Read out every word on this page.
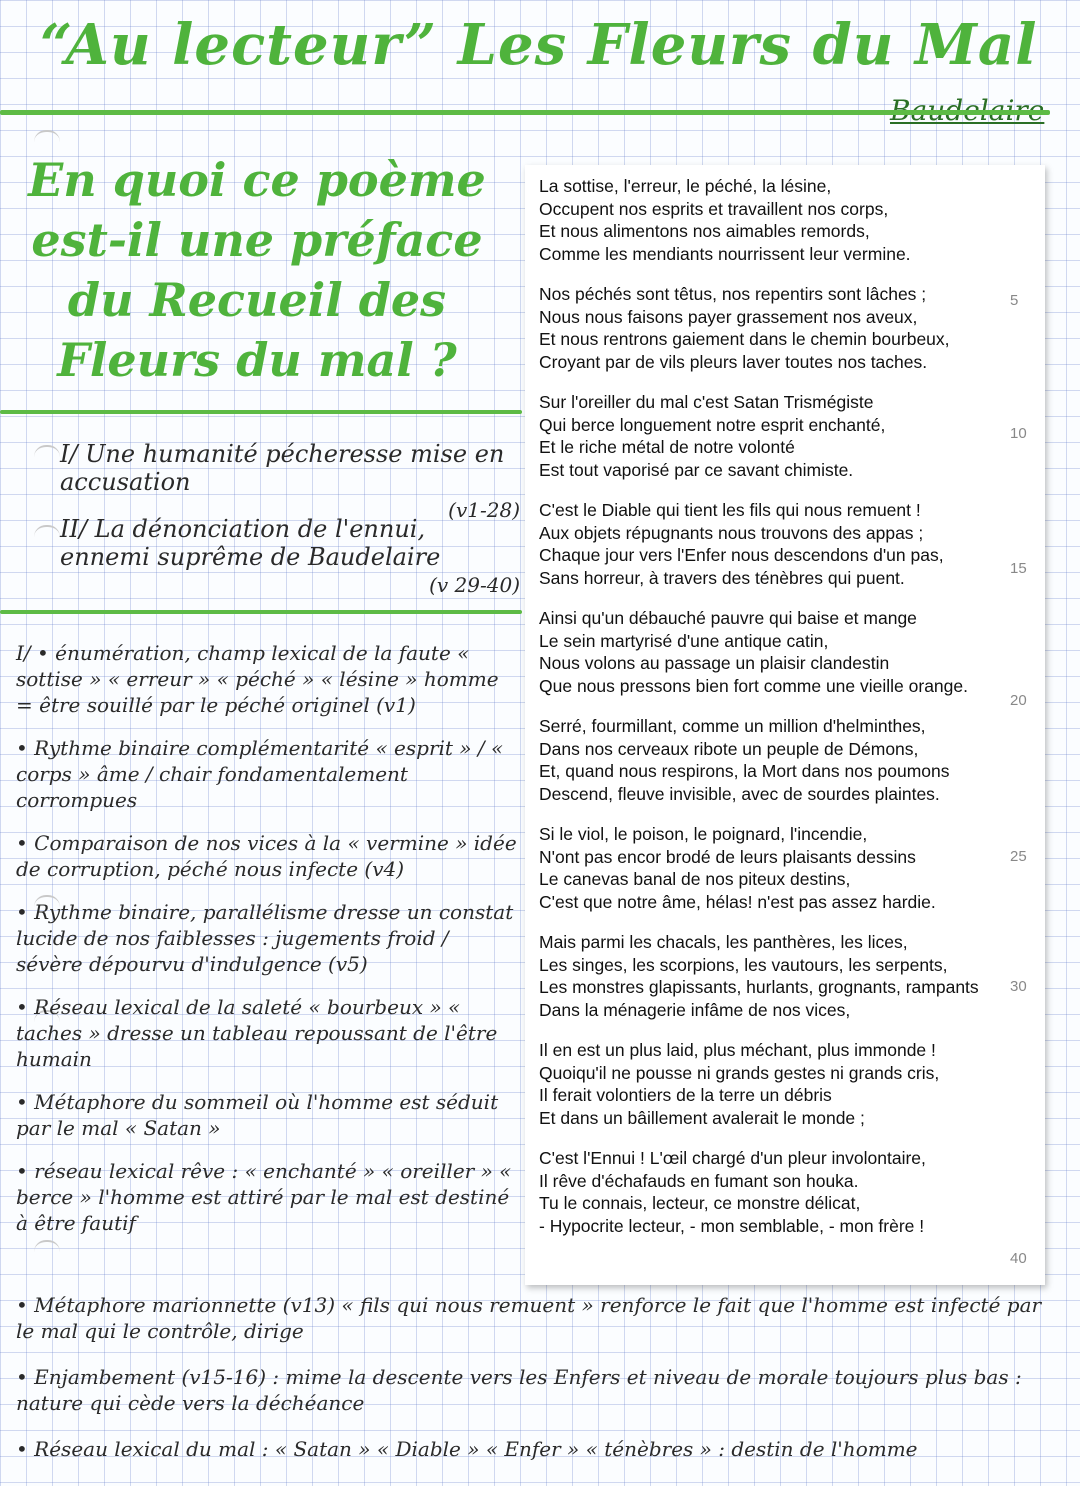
“Au lecteur” Les Fleurs du Mal
En quoi ce poème est-il une préface du Recueil des Fleurs du mal ?
I/ Une humanité pécheresse mise en accusation
(v1-28)
II/ La dénonciation de l'ennui, ennemi suprême de Baudelaire
(v 29-40)
I/ • énumération, champ lexical de la faute « sottise » « erreur » « péché » « lésine » homme = être souillé par le péché originel (v1)
• Rythme binaire complémentarité « esprit » / « corps » âme / chair fondamentalement corrompues
• Comparaison de nos vices à la « vermine » idée de corruption, péché nous infecte (v4)
• Rythme binaire, parallélisme dresse un constat lucide de nos faiblesses : jugements froid / sévère dépourvu d'indulgence (v5)
• Réseau lexical de la saleté « bourbeux » « taches » dresse un tableau repoussant de l'être humain
• Métaphore du sommeil où l'homme est séduit par le mal « Satan »
• réseau lexical rêve : « enchanté » « oreiller » « berce » l'homme est attiré par le mal est destiné à être fautif
La sottise, l'erreur, le péché, la lésine,
Occupent nos esprits et travaillent nos corps,
Et nous alimentons nos aimables remords,
Comme les mendiants nourrissent leur vermine.
Nos péchés sont têtus, nos repentirs sont lâches ;
Nous nous faisons payer grassement nos aveux,
Et nous rentrons gaiement dans le chemin bourbeux,
Croyant par de vils pleurs laver toutes nos taches.
Sur l'oreiller du mal c'est Satan Trismégiste
Qui berce longuement notre esprit enchanté,
Et le riche métal de notre volonté
Est tout vaporisé par ce savant chimiste.
C'est le Diable qui tient les fils qui nous remuent !
Aux objets répugnants nous trouvons des appas ;
Chaque jour vers l'Enfer nous descendons d'un pas,
Sans horreur, à travers des ténèbres qui puent.
Ainsi qu'un débauché pauvre qui baise et mange
Le sein martyrisé d'une antique catin,
Nous volons au passage un plaisir clandestin
Que nous pressons bien fort comme une vieille orange.
Serré, fourmillant, comme un million d'helminthes,
Dans nos cerveaux ribote un peuple de Démons,
Et, quand nous respirons, la Mort dans nos poumons
Descend, fleuve invisible, avec de sourdes plaintes.
Si le viol, le poison, le poignard, l'incendie,
N'ont pas encor brodé de leurs plaisants dessins
Le canevas banal de nos piteux destins,
C'est que notre âme, hélas! n'est pas assez hardie.
Mais parmi les chacals, les panthères, les lices,
Les singes, les scorpions, les vautours, les serpents,
Les monstres glapissants, hurlants, grognants, rampants
Dans la ménagerie infâme de nos vices,
Il en est un plus laid, plus méchant, plus immonde !
Quoiqu'il ne pousse ni grands gestes ni grands cris,
Il ferait volontiers de la terre un débris
Et dans un bâillement avalerait le monde ;
C'est l'Ennui ! L'œil chargé d'un pleur involontaire,
Il rêve d'échafauds en fumant son houka.
Tu le connais, lecteur, ce monstre délicat,
- Hypocrite lecteur, - mon semblable, - mon frère !
5
10
15
20
25
30
40
• Métaphore marionnette (v13) « fils qui nous remuent » renforce le fait que l'homme est infecté par le mal qui le contrôle, dirige
• Enjambement (v15-16) : mime la descente vers les Enfers et niveau de morale toujours plus bas : nature qui cède vers la déchéance
• Réseau lexical du mal : « Satan » « Diable » « Enfer » « ténèbres » : destin de l'homme
